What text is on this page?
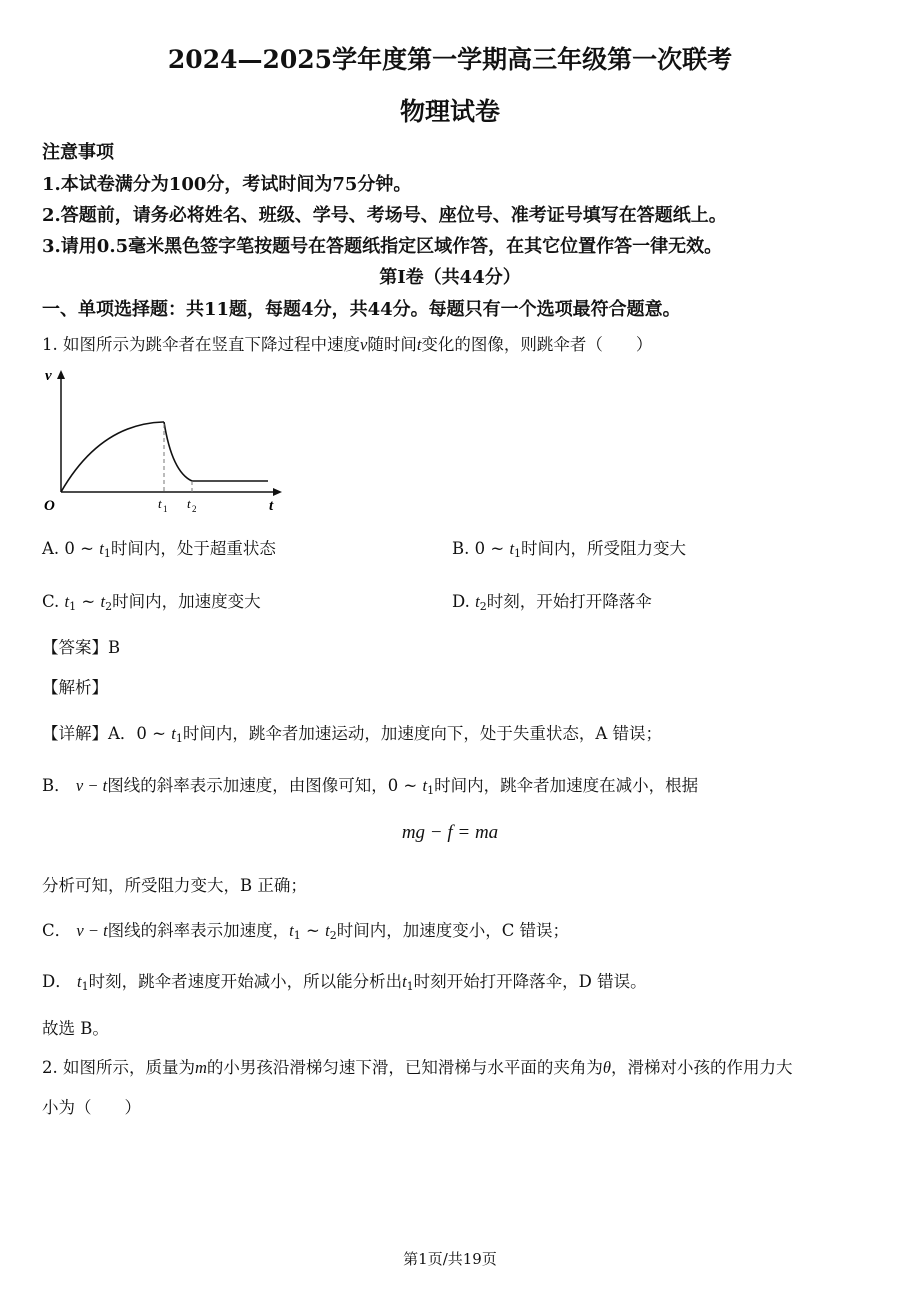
2024—2025学年度第一学期高三年级第一次联考
物理试卷
注意事项
1.本试卷满分为100分，考试时间为75分钟。
2.答题前，请务必将姓名、班级、学号、考场号、座位号、准考证号填写在答题纸上。
3.请用0.5毫米黑色签字笔按题号在答题纸指定区域作答，在其它位置作答一律无效。
第I卷（共44分）
一、单项选择题：共11题，每题4分，共44分。每题只有一个选项最符合题意。
1. 如图所示为跳伞者在竖直下降过程中速度v随时间t变化的图像，则跳伞者（　　）
v
t
O	t 1 t 2
A. 0 ~ $t_1$时间内，处于超重状态	B. 0 ~ $t_1$时间内，所受阻力变大
C. $t_1$ ~ $t_2$时间内，加速度变大	D. $t_2$时刻，开始打开降落伞
【答案】B
【解析】
【详解】A．0 ~ $t_1$时间内，跳伞者加速运动，加速度向下，处于失重状态，A 错误；
B． v − t图线的斜率表示加速度，由图像可知，0 ~ $t_1$时间内，跳伞者加速度在减小，根据
mg − f = ma
分析可知，所受阻力变大，B 正确；
C． v − t图线的斜率表示加速度，$t_1$ ~ $t_2$时间内，加速度变小，C 错误；
D． $t_1$时刻，跳伞者速度开始减小，所以能分析出$t_1$时刻开始打开降落伞，D 错误。
故选 B。
2. 如图所示，质量为m的小男孩沿滑梯匀速下滑，已知滑梯与水平面的夹角为θ，滑梯对小孩的作用力大
小为（　　）
第1页/共19页
